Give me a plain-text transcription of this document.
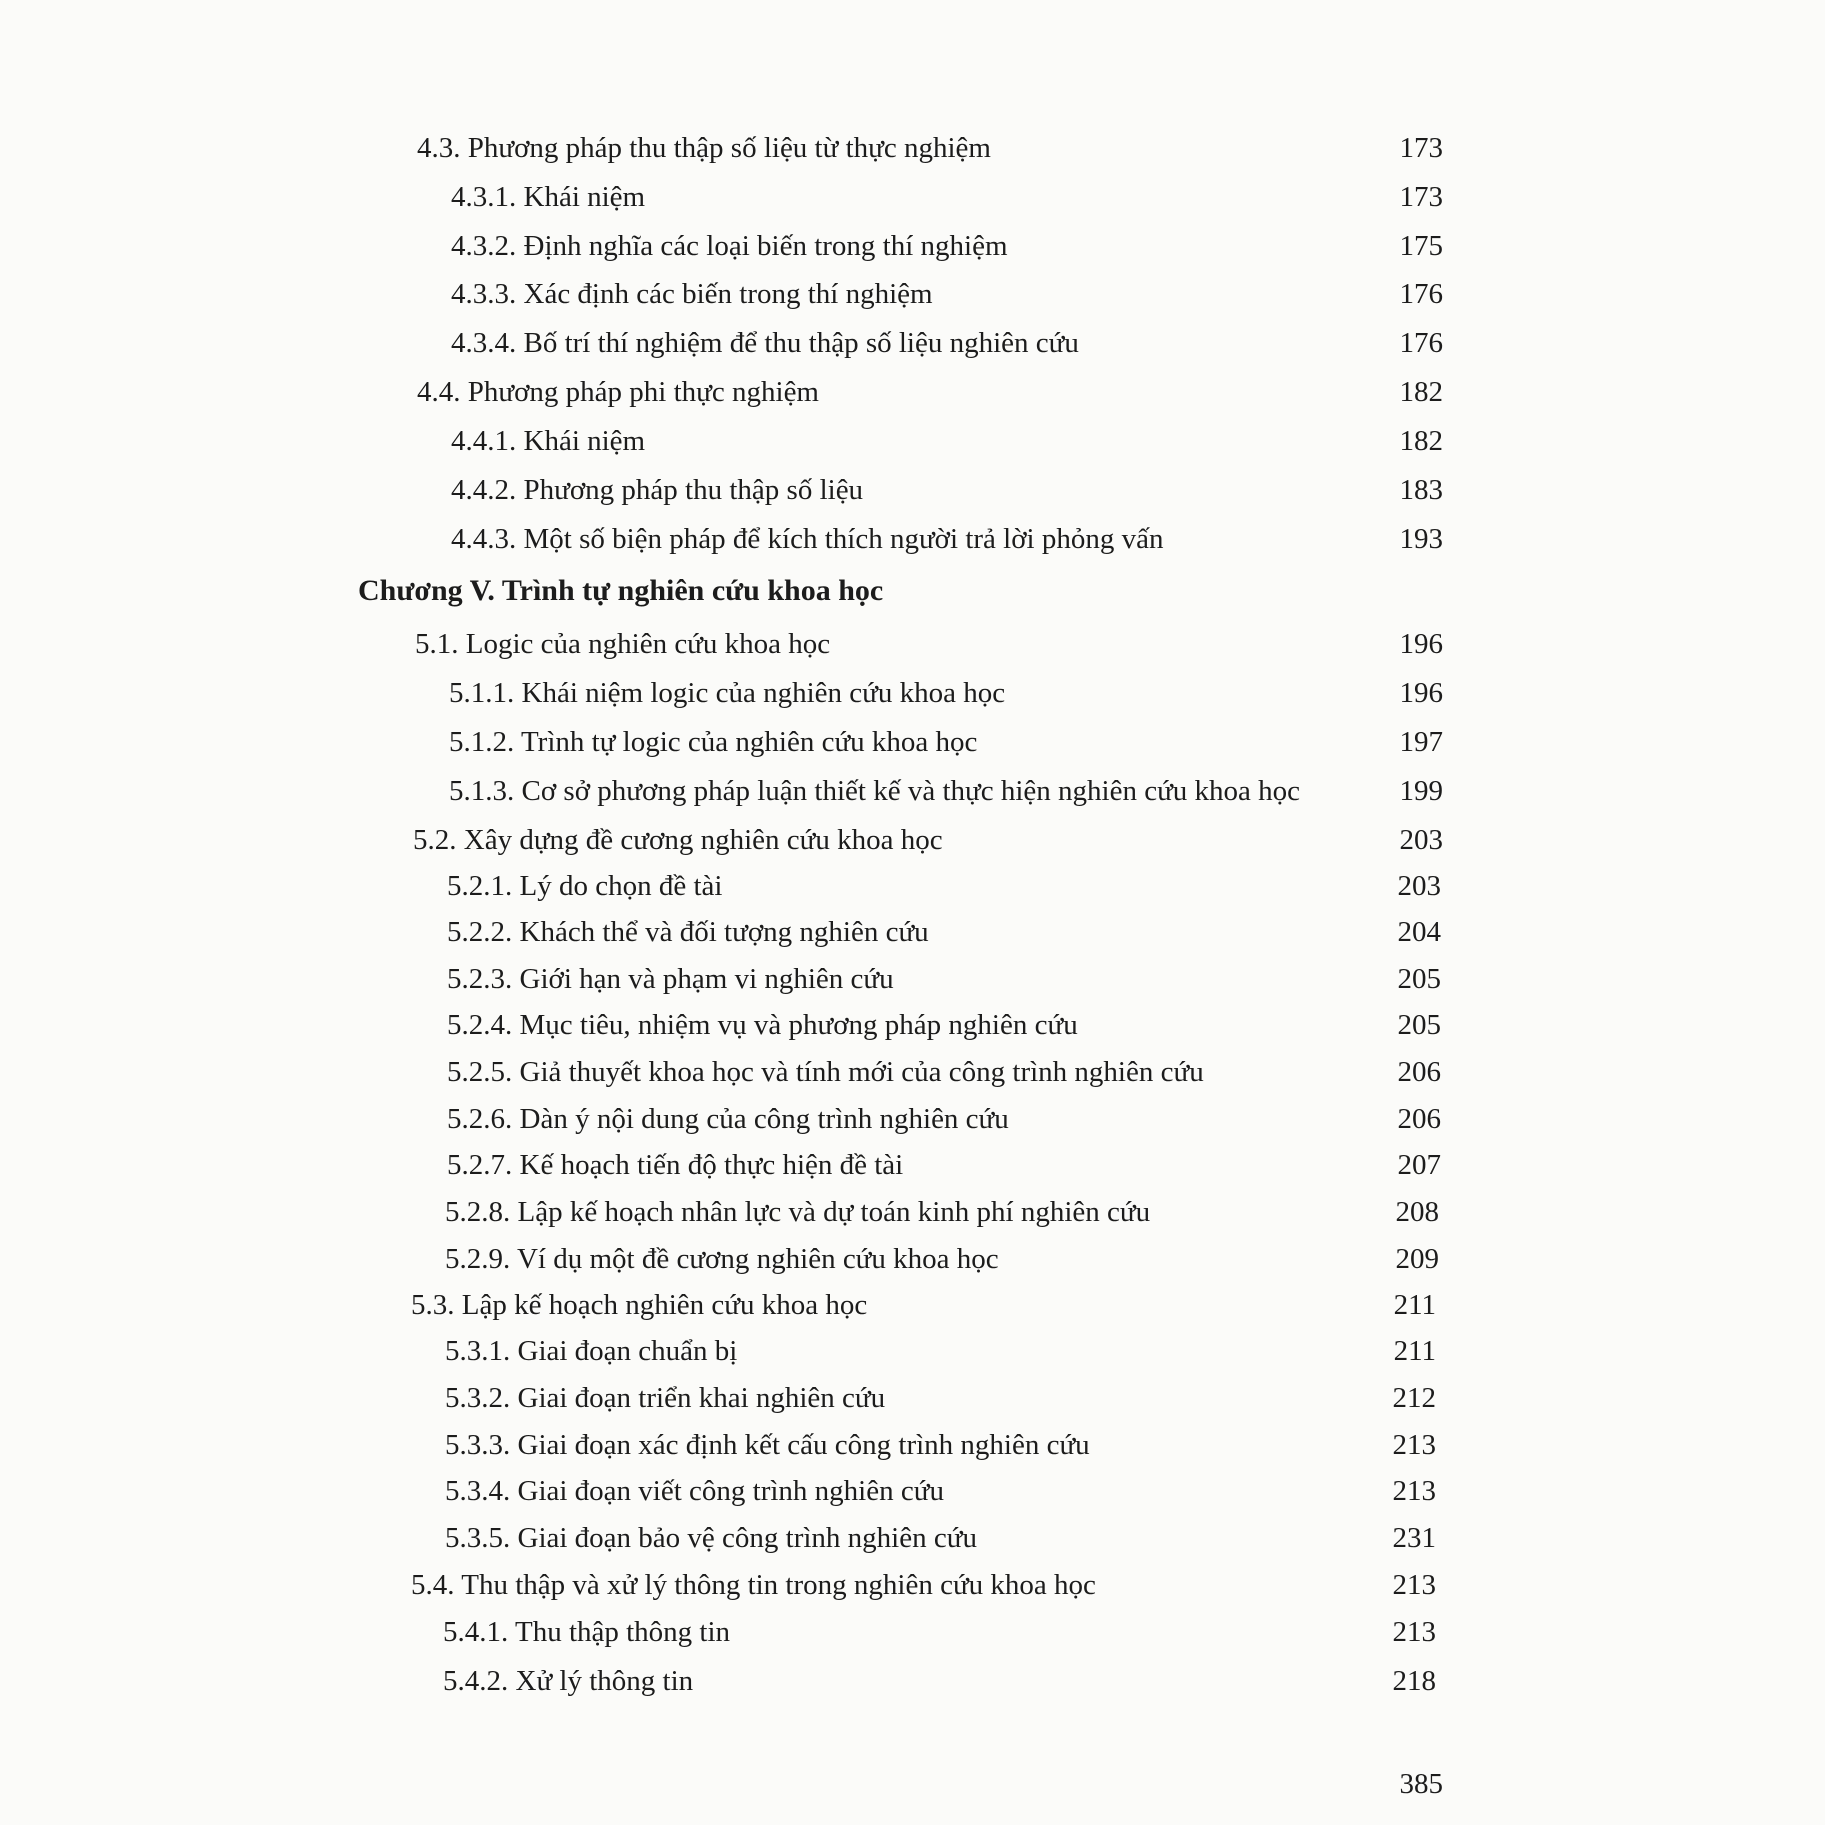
4.3. Phương pháp thu thập số liệu từ thực nghiệm	173
4.3.1. Khái niệm	173
4.3.2. Định nghĩa các loại biến trong thí nghiệm	175
4.3.3. Xác định các biến trong thí nghiệm	176
4.3.4. Bố trí thí nghiệm để thu thập số liệu nghiên cứu	176
4.4. Phương pháp phi thực nghiệm	182
4.4.1. Khái niệm	182
4.4.2. Phương pháp thu thập số liệu	183
4.4.3. Một số biện pháp để kích thích người trả lời phỏng vấn	193
Chương V. Trình tự nghiên cứu khoa học
5.1. Logic của nghiên cứu khoa học	196
5.1.1. Khái niệm logic của nghiên cứu khoa học	196
5.1.2. Trình tự logic của nghiên cứu khoa học	197
5.1.3. Cơ sở phương pháp luận thiết kế và thực hiện nghiên cứu khoa học	199
5.2. Xây dựng đề cương nghiên cứu khoa học	203
5.2.1. Lý do chọn đề tài	203
5.2.2. Khách thể và đối tượng nghiên cứu	204
5.2.3. Giới hạn và phạm vi nghiên cứu	205
5.2.4. Mục tiêu, nhiệm vụ và phương pháp nghiên cứu	205
5.2.5. Giả thuyết khoa học và tính mới của công trình nghiên cứu	206
5.2.6. Dàn ý nội dung của công trình nghiên cứu	206
5.2.7. Kế hoạch tiến độ thực hiện đề tài	207
5.2.8. Lập kế hoạch nhân lực và dự toán kinh phí nghiên cứu	208
5.2.9. Ví dụ một đề cương nghiên cứu khoa học	209
5.3. Lập kế hoạch nghiên cứu khoa học	211
5.3.1. Giai đoạn chuẩn bị	211
5.3.2. Giai đoạn triển khai nghiên cứu	212
5.3.3. Giai đoạn xác định kết cấu công trình nghiên cứu	213
5.3.4. Giai đoạn viết công trình nghiên cứu	213
5.3.5. Giai đoạn bảo vệ công trình nghiên cứu	231
5.4. Thu thập và xử lý thông tin trong nghiên cứu khoa học	213
5.4.1. Thu thập thông tin	213
5.4.2. Xử lý thông tin	218
385
